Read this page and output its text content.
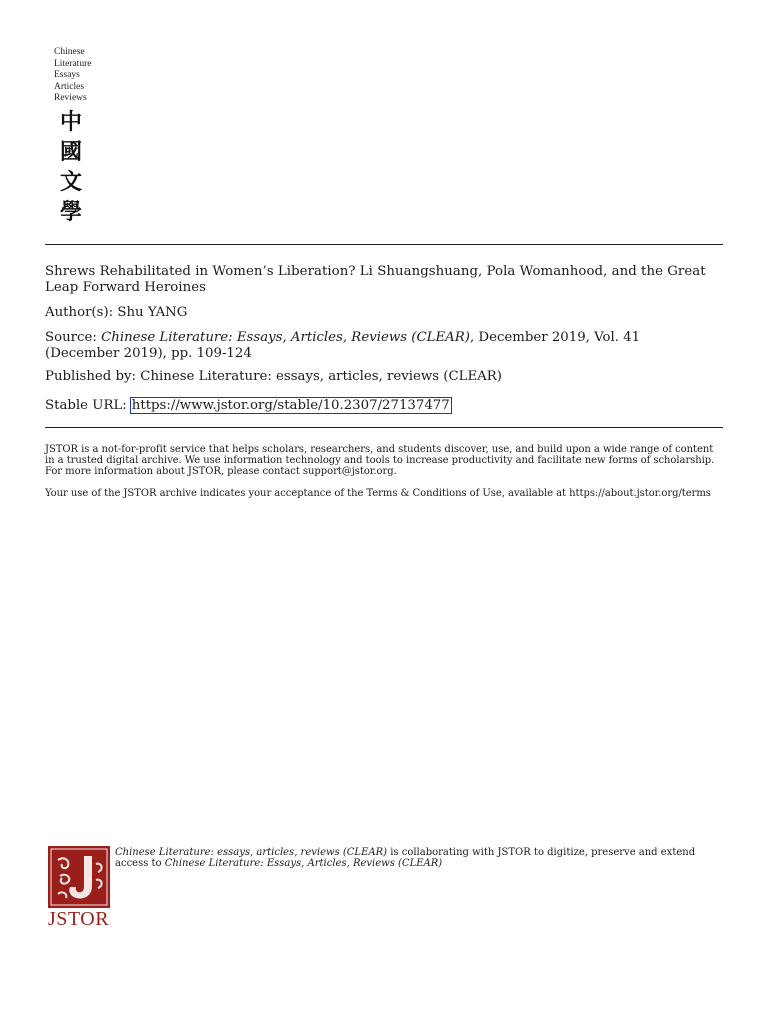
Chinese
Literature
Essays
Articles
Reviews
中
國
文
學
Shrews Rehabilitated in Women’s Liberation? Li Shuangshuang, Pola Womanhood, and the Great Leap Forward Heroines
Author(s): Shu YANG
Source: Chinese Literature: Essays, Articles, Reviews (CLEAR), December 2019, Vol. 41
(December 2019), pp. 109-124
Published by: Chinese Literature: essays, articles, reviews (CLEAR)
Stable URL: https://www.jstor.org/stable/10.2307/27137477
JSTOR is a not-for-profit service that helps scholars, researchers, and students discover, use, and build upon a wide range of content in a trusted digital archive. We use information technology and tools to increase productivity and facilitate new forms of scholarship. For more information about JSTOR, please contact support@jstor.org.
Your use of the JSTOR archive indicates your acceptance of the Terms & Conditions of Use, available at https://about.jstor.org/terms
JSTOR
Chinese Literature: essays, articles, reviews (CLEAR) is collaborating with JSTOR to digitize, preserve and extend access to Chinese Literature: Essays, Articles, Reviews (CLEAR)
